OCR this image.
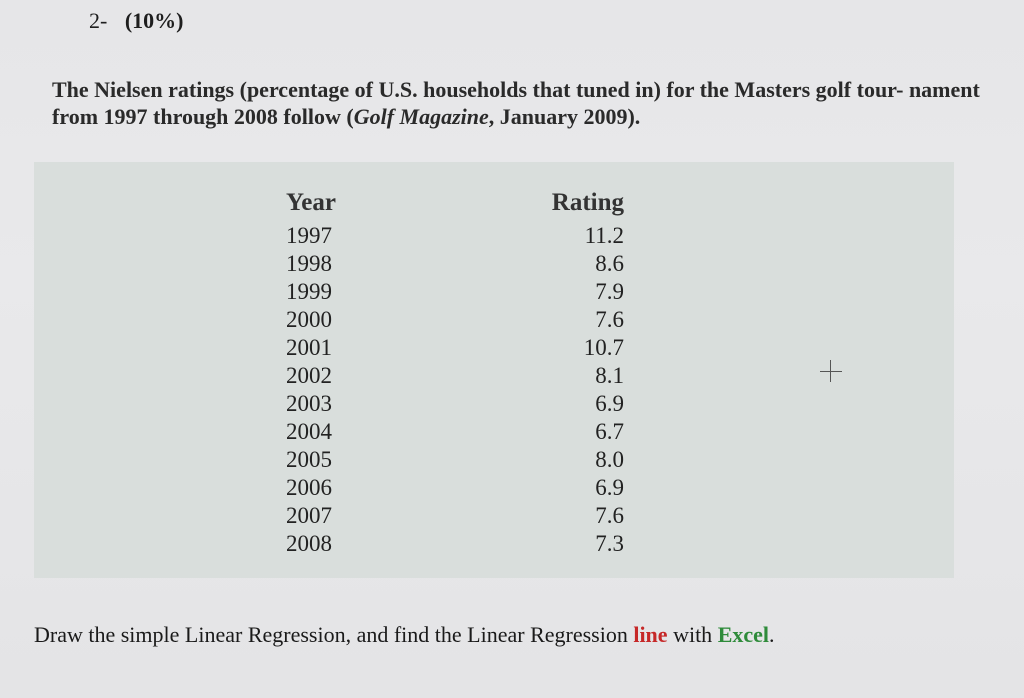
2- (10%)
The Nielsen ratings (percentage of U.S. households that tuned in) for the Masters golf tour- nament from 1997 through 2008 follow (Golf Magazine, January 2009).
Year
1997
1998
1999
2000
2001
2002
2003
2004
2005
2006
2007
2008
Rating
11.2
8.6
7.9
7.6
10.7
8.1
6.9
6.7
8.0
6.9
7.6
7.3
Draw the simple Linear Regression, and find the Linear Regression line with Excel.
